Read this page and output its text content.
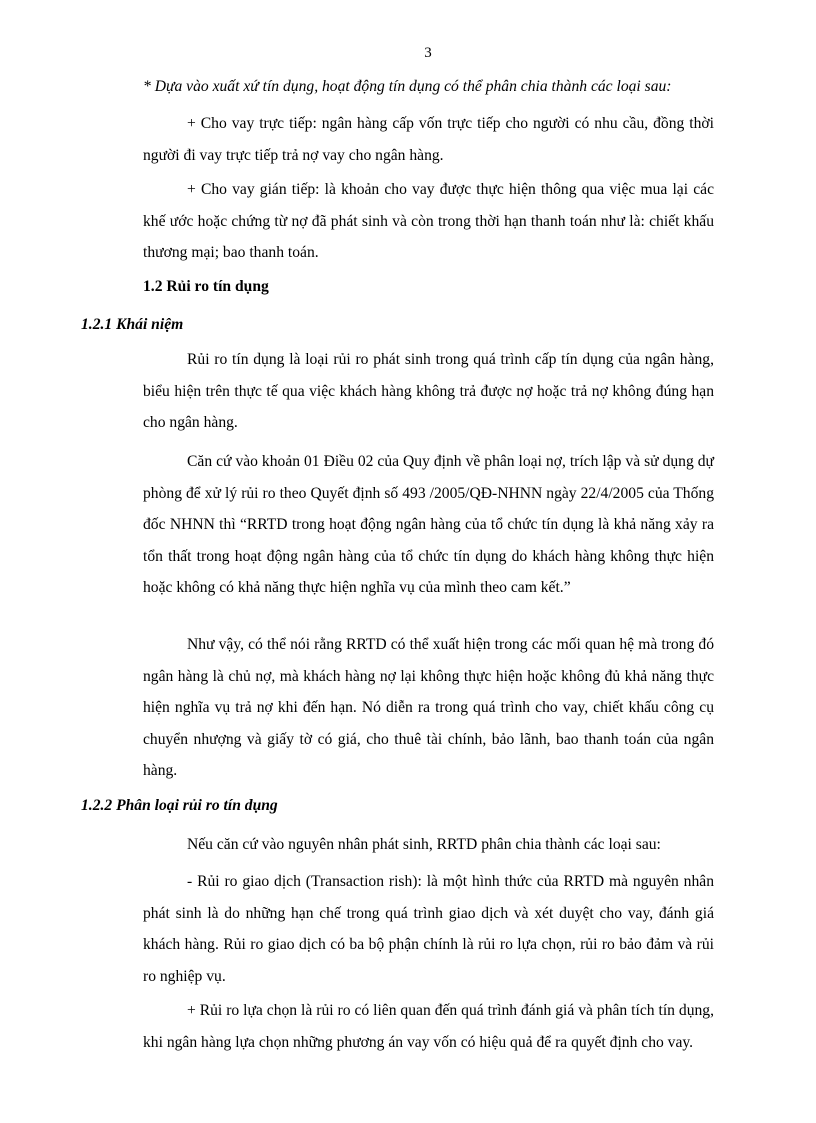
3
* Dựa vào xuất xứ tín dụng, hoạt động tín dụng có thể phân chia thành các loại sau:
+ Cho vay trực tiếp: ngân hàng cấp vốn trực tiếp cho người có nhu cầu, đồng thời người đi vay trực tiếp trả nợ vay cho ngân hàng.
+ Cho vay gián tiếp: là khoản cho vay được thực hiện thông qua việc mua lại các khế ước hoặc chứng từ nợ đã phát sinh và còn trong thời hạn thanh toán như là: chiết khấu thương mại; bao thanh toán.
1.2 Rủi ro tín dụng
1.2.1 Khái niệm
Rủi ro tín dụng là loại rủi ro phát sinh trong quá trình cấp tín dụng của ngân hàng, biểu hiện trên thực tế qua việc khách hàng không trả được nợ hoặc trả nợ không đúng hạn cho ngân hàng.
Căn cứ vào khoản 01 Điều 02 của Quy định về phân loại nợ, trích lập và sử dụng dự phòng để xử lý rủi ro theo Quyết định số 493 /2005/QĐ-NHNN ngày 22/4/2005 của Thống đốc NHNN thì “RRTD trong hoạt động ngân hàng của tổ chức tín dụng là khả năng xảy ra tổn thất trong hoạt động ngân hàng của tổ chức tín dụng do khách hàng không thực hiện hoặc không có khả năng thực hiện nghĩa vụ của mình theo cam kết.”
Như vậy, có thể nói rằng RRTD có thể xuất hiện trong các mối quan hệ mà trong đó ngân hàng là chủ nợ, mà khách hàng nợ lại không thực hiện hoặc không đủ khả năng thực hiện nghĩa vụ trả nợ khi đến hạn. Nó diễn ra trong quá trình cho vay, chiết khấu công cụ chuyển nhượng và giấy tờ có giá, cho thuê tài chính, bảo lãnh, bao thanh toán của ngân hàng.
1.2.2 Phân loại rủi ro tín dụng
Nếu căn cứ vào nguyên nhân phát sinh, RRTD phân chia thành các loại sau:
- Rủi ro giao dịch (Transaction rish): là một hình thức của RRTD mà nguyên nhân phát sinh là do những hạn chế trong quá trình giao dịch và xét duyệt cho vay, đánh giá khách hàng. Rủi ro giao dịch có ba bộ phận chính là rủi ro lựa chọn, rủi ro bảo đảm và rủi ro nghiệp vụ.
+ Rủi ro lựa chọn là rủi ro có liên quan đến quá trình đánh giá và phân tích tín dụng, khi ngân hàng lựa chọn những phương án vay vốn có hiệu quả để ra quyết định cho vay.
